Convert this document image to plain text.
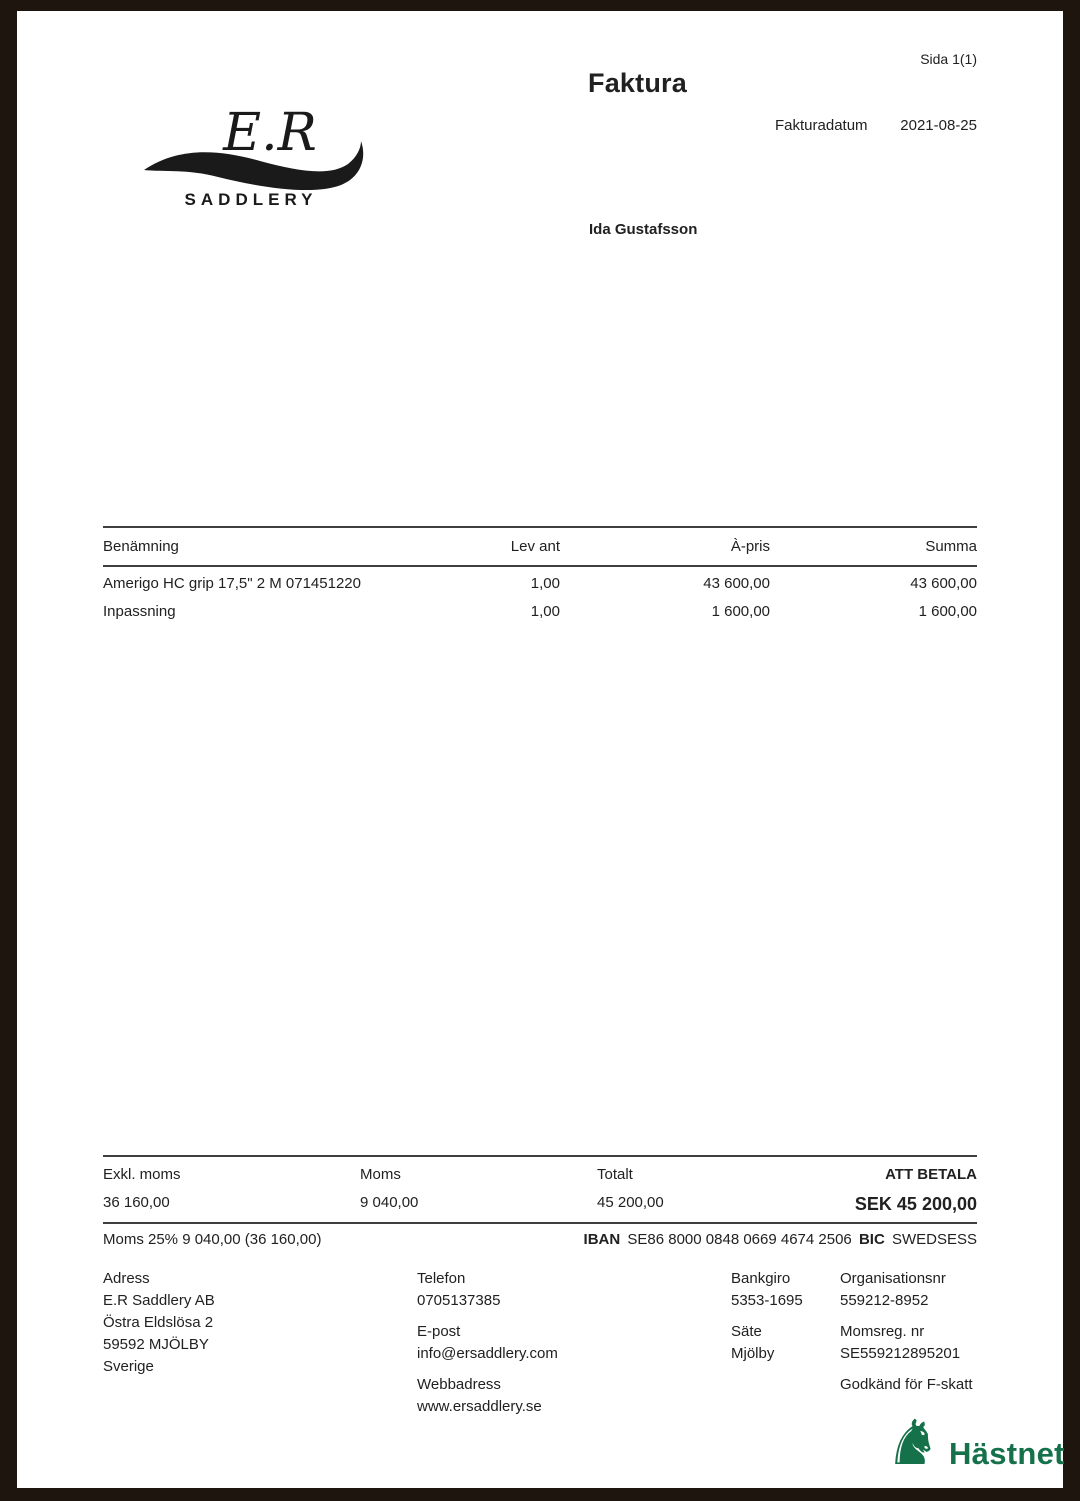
Sida 1(1)
Faktura
Fakturadatum 2021-08-25
Ida Gustafsson
E.R
SADDLERY
Benämning	Lev ant	À-pris	Summa
Amerigo HC grip 17,5" 2 M 071451220	1,00	43 600,00	43 600,00
Inpassning	1,00	1 600,00	1 600,00
Exkl. moms	Moms	Totalt	ATT BETALA
36 160,00	9 040,00	45 200,00	SEK 45 200,00
Moms 25% 9 040,00 (36 160,00)	IBAN SE86 8000 0848 0669 4674 2506 BIC SWEDSESS
Adress
E.R Saddlery AB
Östra Eldslösa 2
59592 MJÖLBY
Sverige
Telefon
0705137385
E-post
info@ersaddlery.com
Webbadress
www.ersaddlery.se
Bankgiro
5353-1695
Säte
Mjölby
Organisationsnr
559212-8952
Momsreg. nr
SE559212895201
Godkänd för F-skatt
♞ Hästnet
